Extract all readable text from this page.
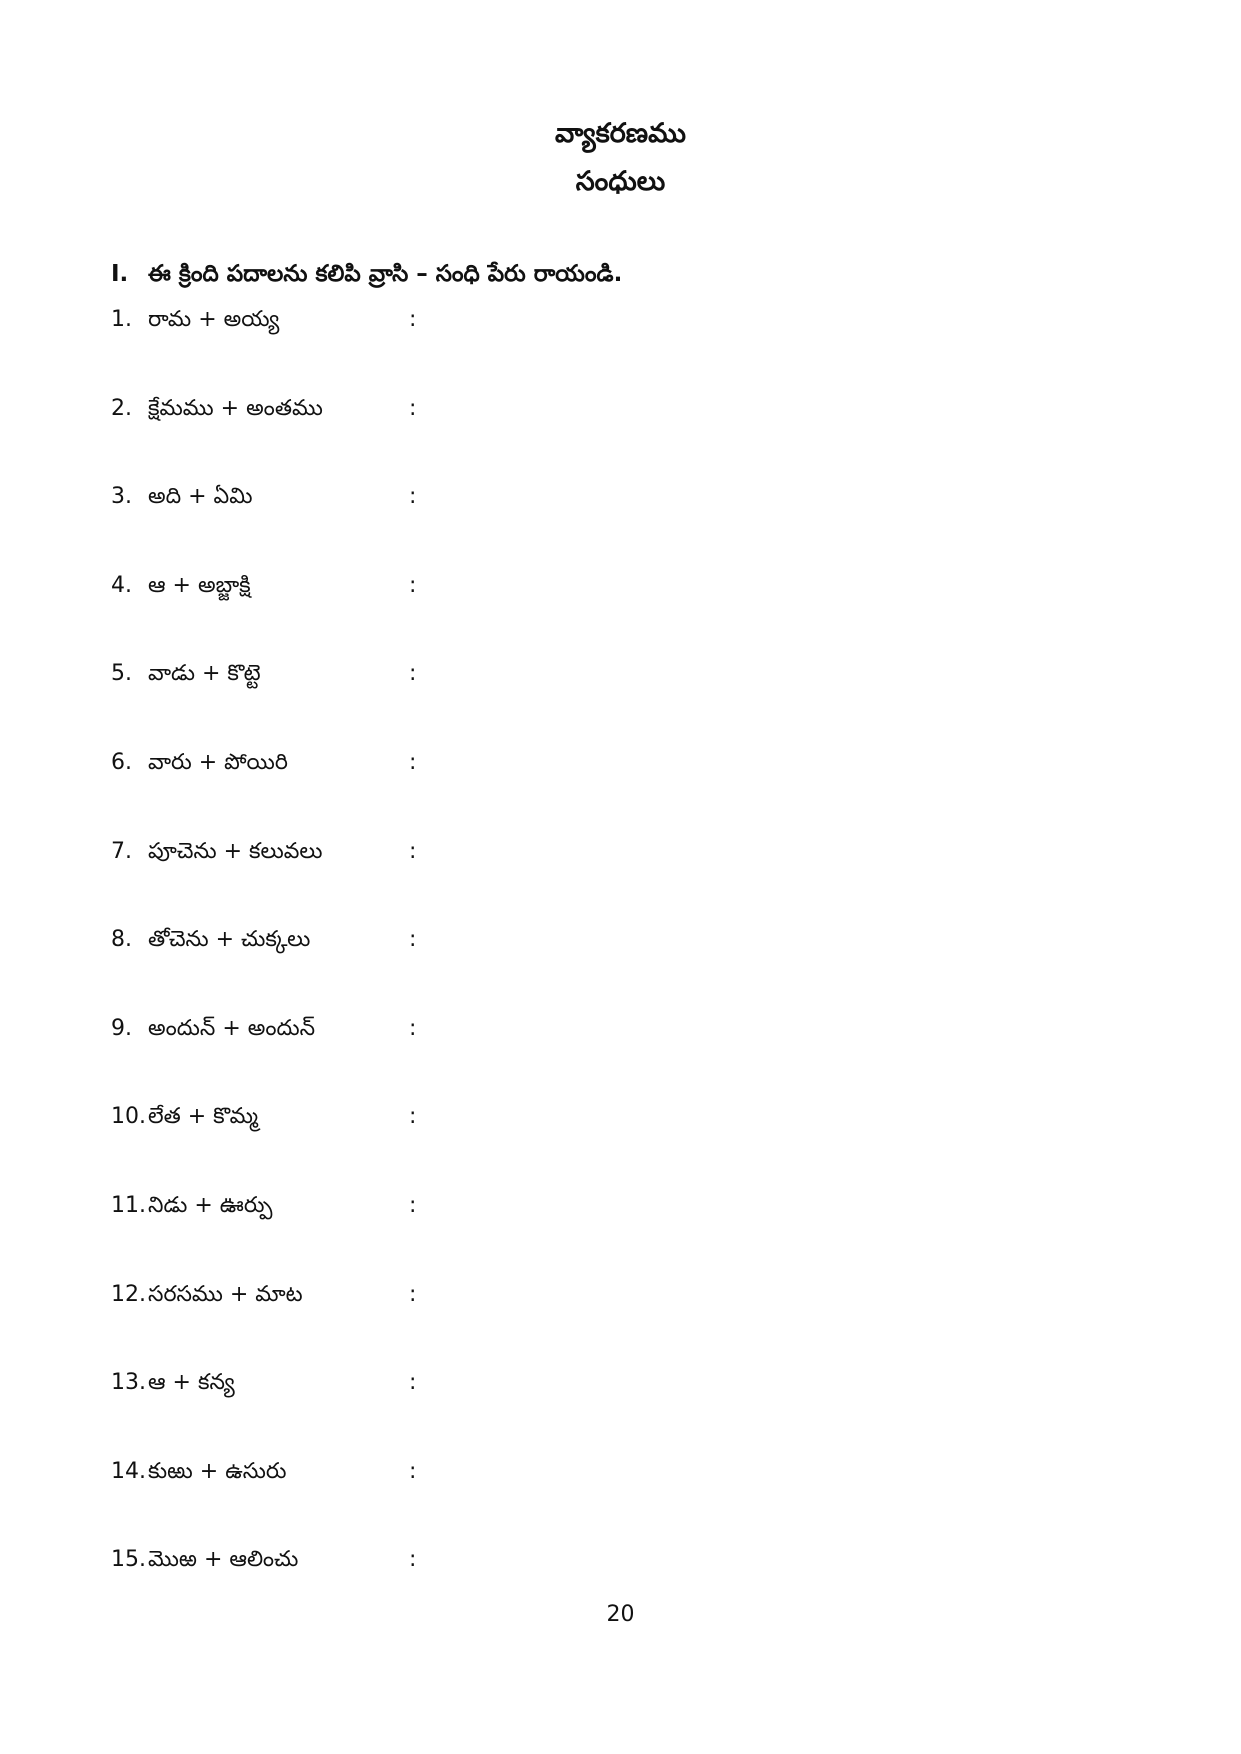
వ్యాకరణము
సంధులు
I. ఈ క్రింది పదాలను కలిపి వ్రాసి – సంధి పేరు రాయండి.
1. రామ + అయ్య	:
2. క్షేమము + అంతము	:
3. అది + ఏమి	:
4. ఆ + అబ్జాక్షి	:
5. వాడు + కొట్టె	:
6. వారు + పోయిరి	:
7. పూచెను + కలువలు	:
8. తోచెను + చుక్కలు	:
9. అందున్ + అందున్	:
10.లేత + కొమ్మ	:
11.నిడు + ఊర్పు	:
12.సరసము + మాట	:
13.ఆ + కన్య	:
14.కుఱు + ఉసురు	:
15.మొఱ + ఆలించు	:
20
